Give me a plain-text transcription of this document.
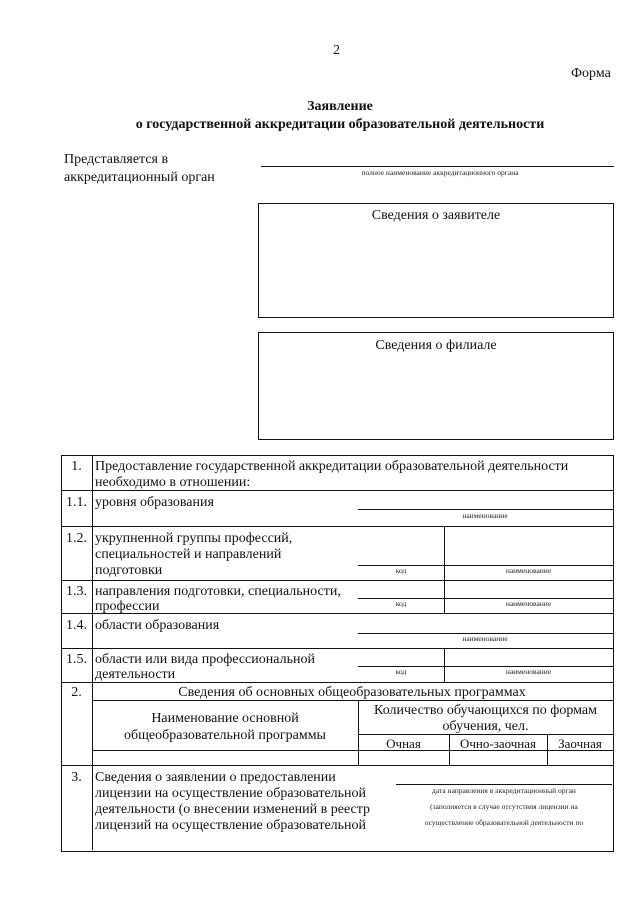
2
Форма
Заявление
о государственной аккредитации образовательной деятельности
Представляется в
аккредитационный орган	полное наименование аккредитационного органа
Сведения о заявителе
Сведения о филиале
1. Предоставление государственной аккредитации образовательной деятельности
необходимо в отношении:
1.1. уровня образования
наименование
1.2. укрупненной группы профессий,
специальностей и направлений
подготовки	код	наименование
1.3. направления подготовки, специальности,
профессии	код	наименование
1.4. области образования
наименование
1.5. области или вида профессиональной
деятельности	код	наименование
2.	Сведения об основных общеобразовательных программах
Наименование основной
общеобразовательной программы
Количество обучающихся по формам
обучения, чел.
Очная	Очно-заочная	Заочная
3. Сведения о заявлении о предоставлении
лицензии на осуществление образовательной
деятельности (о внесении изменений в реестр
лицензий на осуществление образовательной
дата направления в аккредитационный орган
(заполняется в случае отсутствия лицензии на
осуществление образовательной деятельности по
